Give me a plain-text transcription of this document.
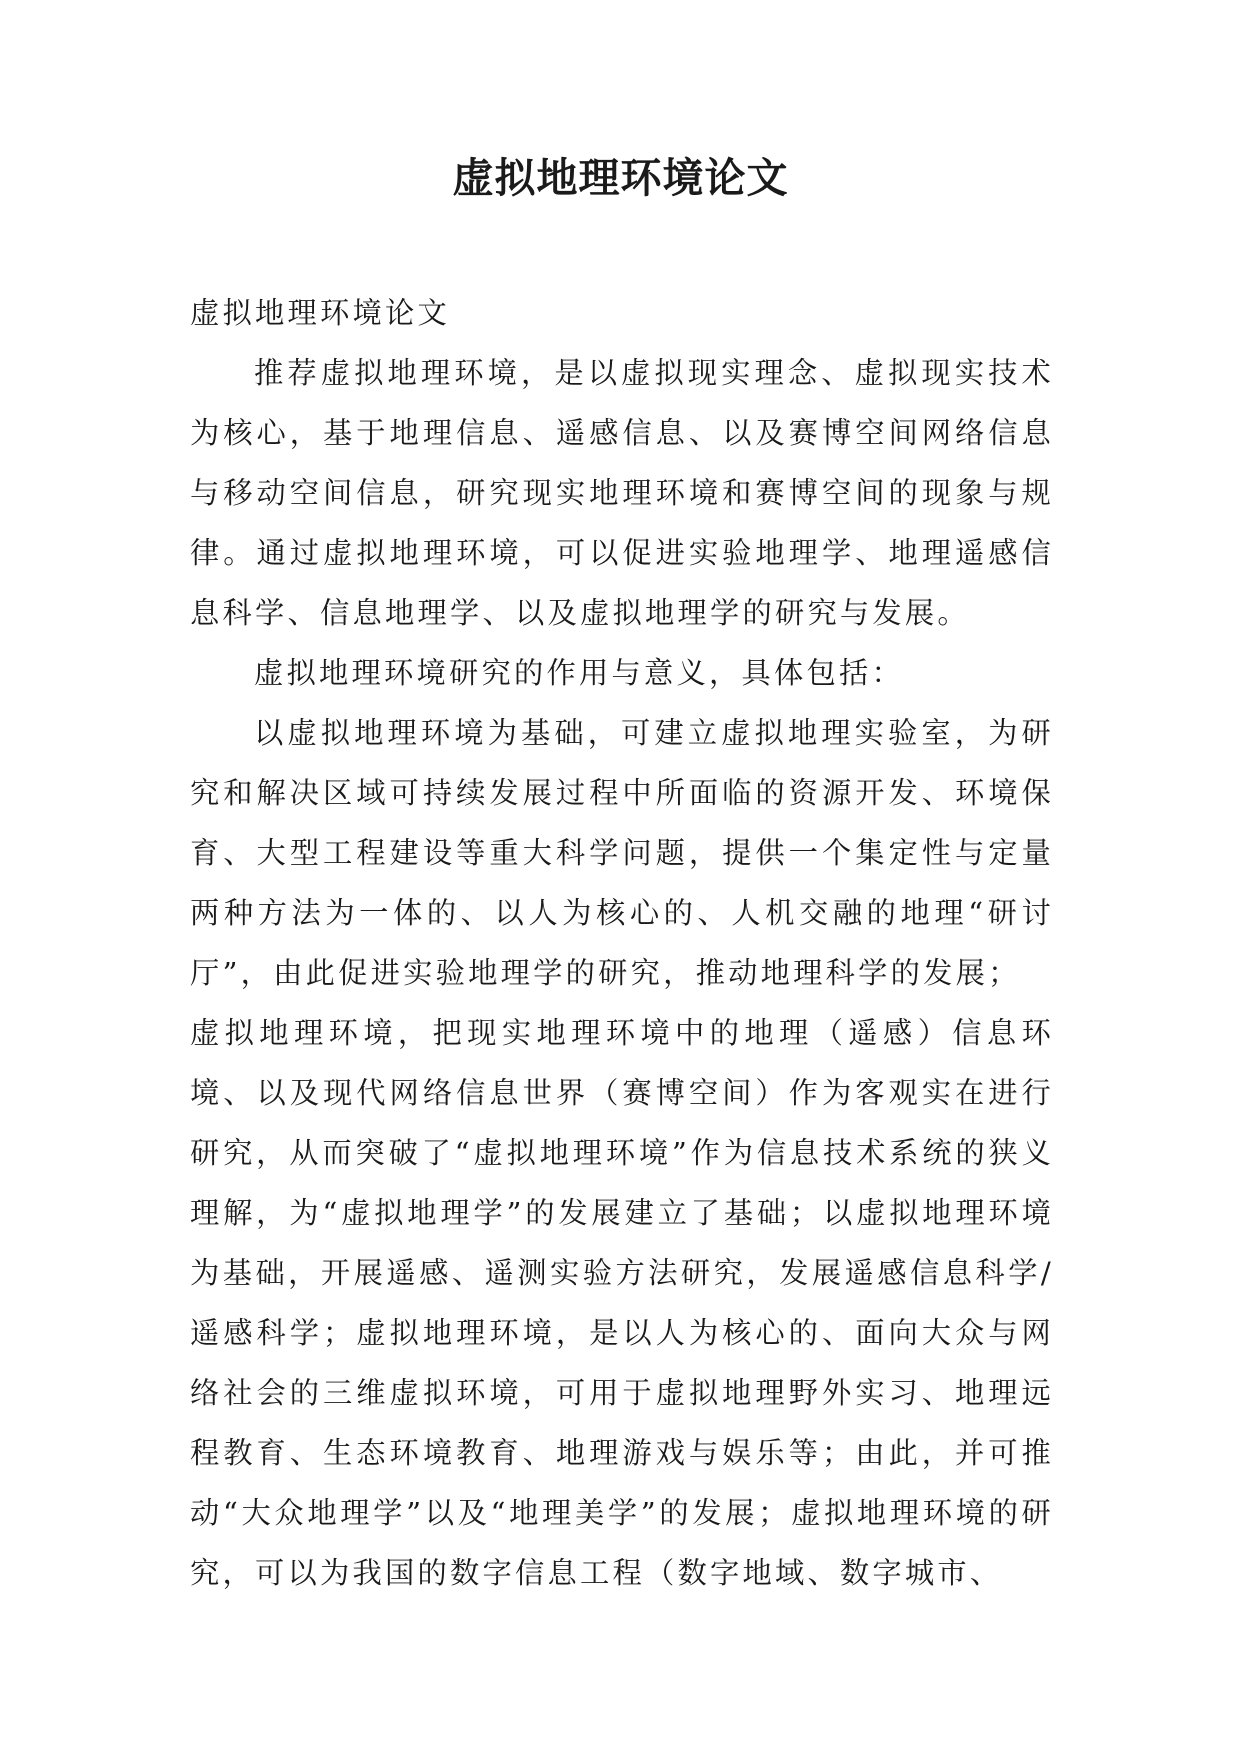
虚拟地理环境论文

虚拟地理环境论文

推荐虚拟地理环境，是以虚拟现实理念、虚拟现实技术为核心，基于地理信息、遥感信息、以及赛博空间网络信息与移动空间信息，研究现实地理环境和赛博空间的现象与规律。通过虚拟地理环境，可以促进实验地理学、地理遥感信息科学、信息地理学、以及虚拟地理学的研究与发展。

虚拟地理环境研究的作用与意义，具体包括：

以虚拟地理环境为基础，可建立虚拟地理实验室，为研究和解决区域可持续发展过程中所面临的资源开发、环境保育、大型工程建设等重大科学问题，提供一个集定性与定量两种方法为一体的、以人为核心的、人机交融的地理“研讨厅”，由此促进实验地理学的研究，推动地理科学的发展；

虚拟地理环境，把现实地理环境中的地理（遥感）信息环境、以及现代网络信息世界（赛博空间）作为客观实在进行研究，从而突破了“虚拟地理环境”作为信息技术系统的狭义理解，为“虚拟地理学”的发展建立了基础；以虚拟地理环境为基础，开展遥感、遥测实验方法研究，发展遥感信息科学/遥感科学；虚拟地理环境，是以人为核心的、面向大众与网络社会的三维虚拟环境，可用于虚拟地理野外实习、地理远程教育、生态环境教育、地理游戏与娱乐等；由此，并可推动“大众地理学”以及“地理美学”的发展；虚拟地理环境的研究，可以为我国的数字信息工程（数字地域、数字城市、
